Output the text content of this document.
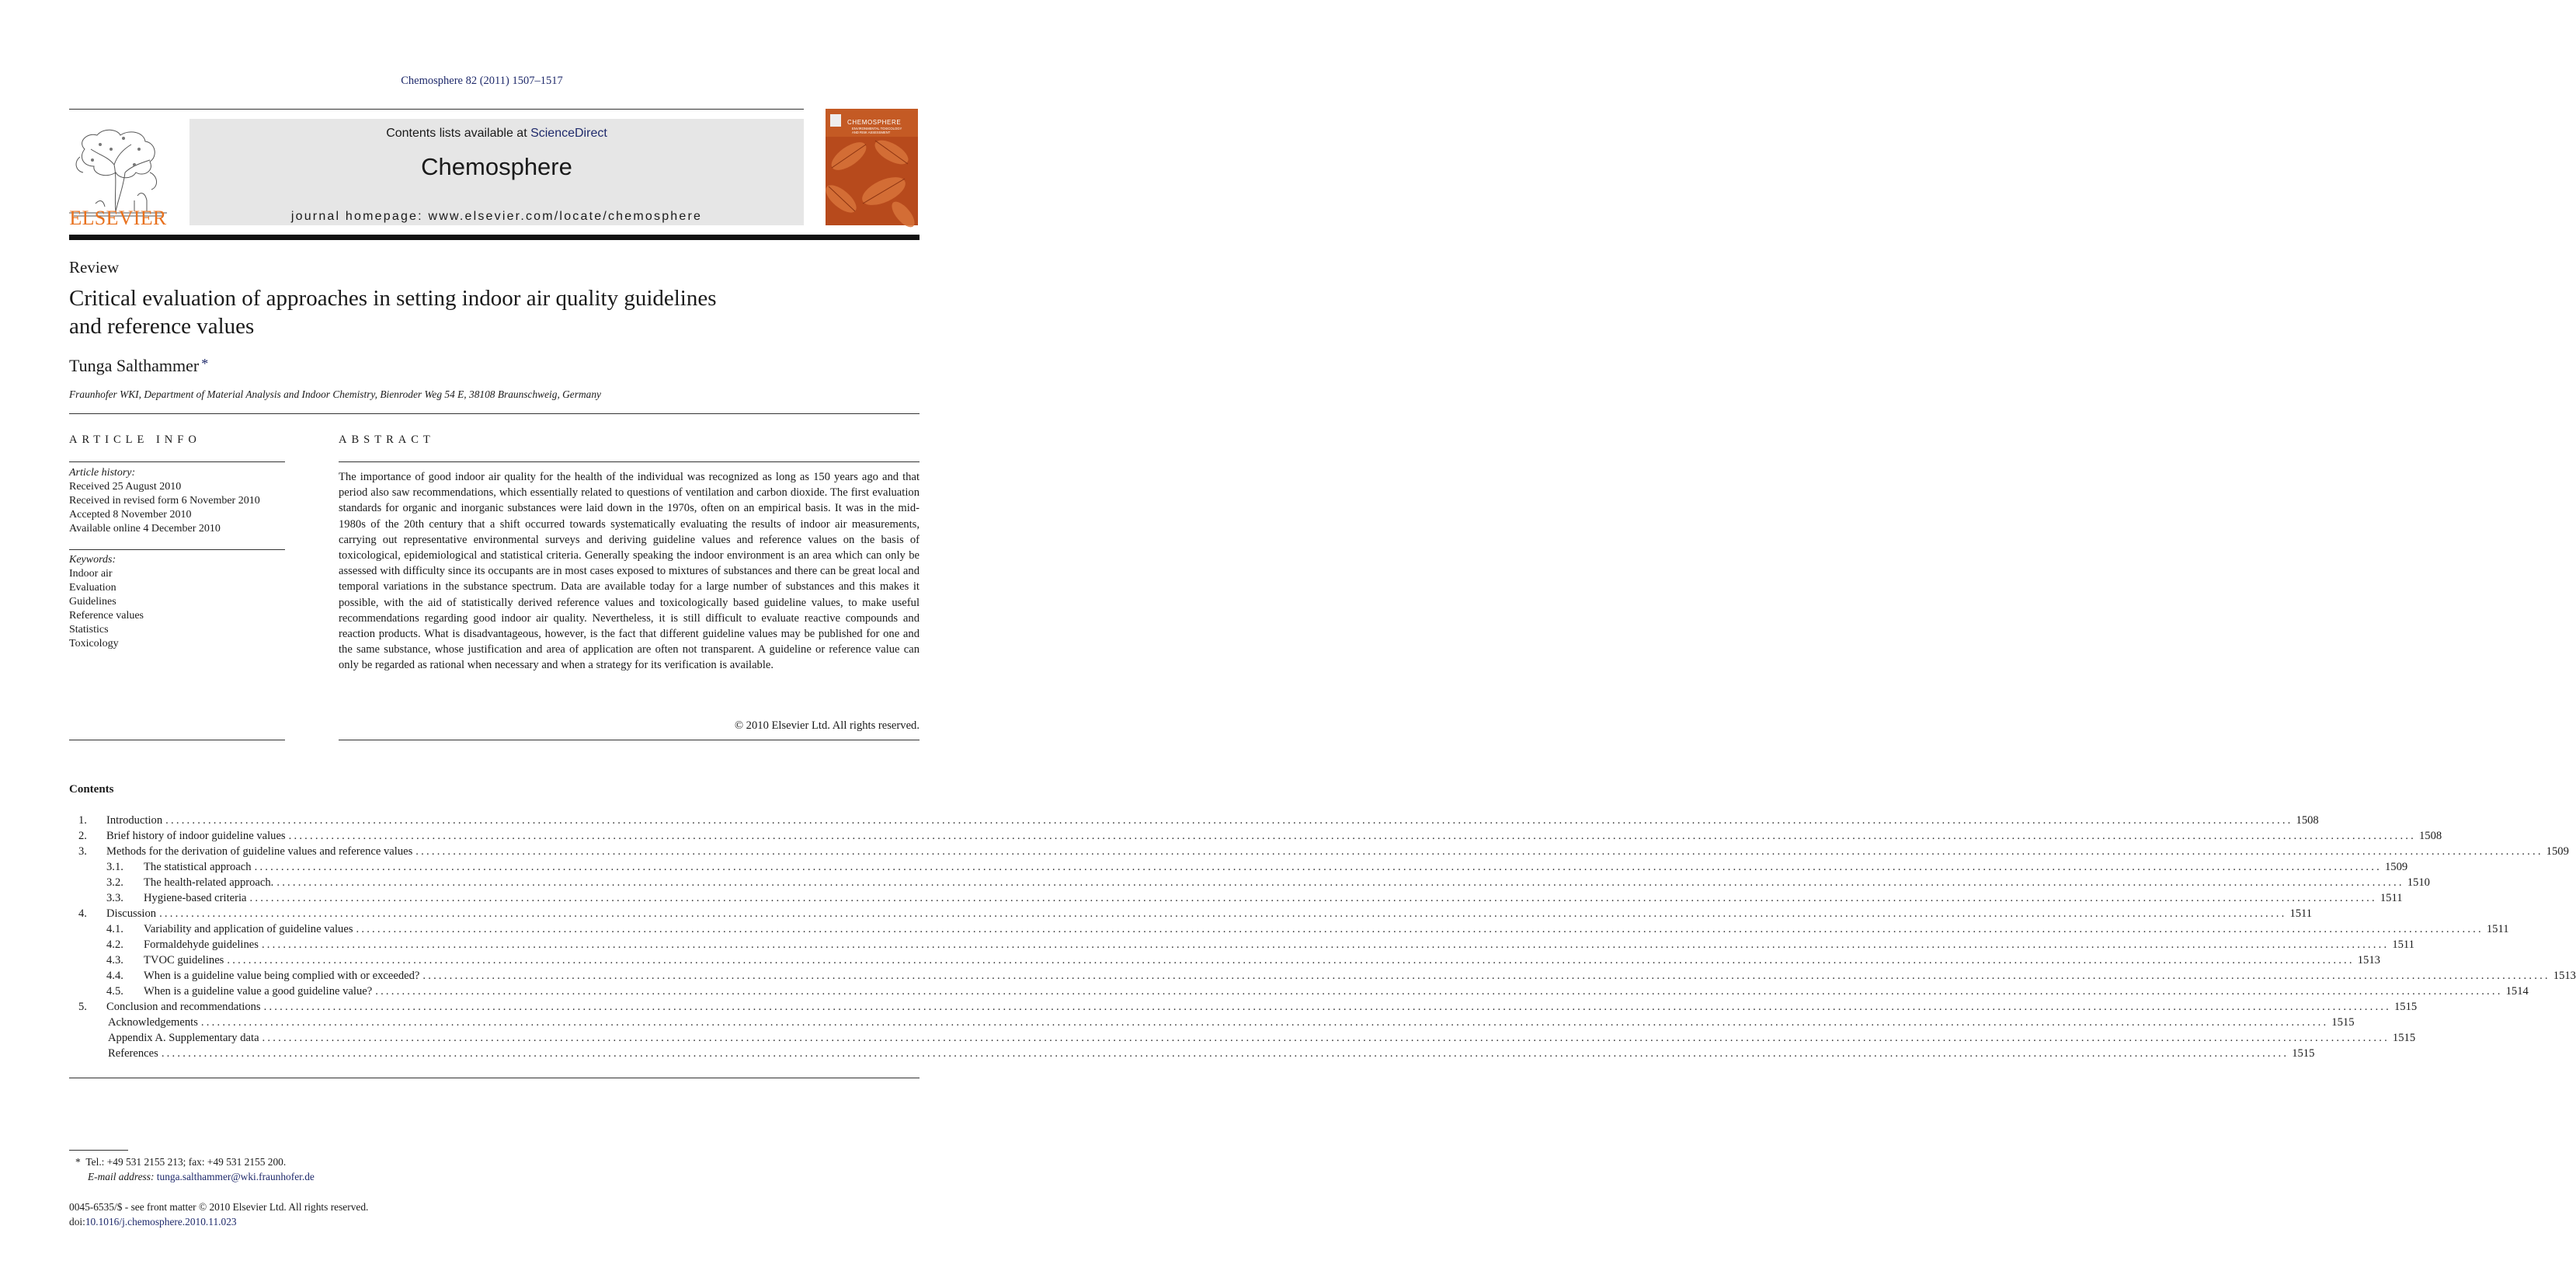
Chemosphere 82 (2011) 1507–1517
ELSEVIER
Contents lists available at ScienceDirect
Chemosphere
journal homepage: www.elsevier.com/locate/chemosphere
CHEMOSPHERE
ENVIRONMENTAL TOXICOLOGY
AND RISK ASSESSMENT
Review
Critical evaluation of approaches in setting indoor air quality guidelines
and reference values
Tunga Salthammer *
Fraunhofer WKI, Department of Material Analysis and Indoor Chemistry, Bienroder Weg 54 E, 38108 Braunschweig, Germany
ARTICLE INFO
Article history:
Received 25 August 2010
Received in revised form 6 November 2010
Accepted 8 November 2010
Available online 4 December 2010
Keywords:
Indoor air
Evaluation
Guidelines
Reference values
Statistics
Toxicology
ABSTRACT
The importance of good indoor air quality for the health of the individual was recognized as long as 150 years ago and that period also saw recommendations, which essentially related to questions of ventilation and carbon dioxide. The first evaluation standards for organic and inorganic substances were laid down in the 1970s, often on an empirical basis. It was in the mid-1980s of the 20th century that a shift occurred towards systematically evaluating the results of indoor air measurements, carrying out representative environmental surveys and deriving guideline values and reference values on the basis of toxicological, epidemiological and statistical criteria. Generally speaking the indoor environment is an area which can only be assessed with difficulty since its occupants are in most cases exposed to mixtures of substances and there can be great local and temporal variations in the substance spectrum. Data are available today for a large number of substances and this makes it possible, with the aid of statistically derived reference values and toxicologically based guideline values, to make useful recommendations regarding good indoor air quality. Nevertheless, it is still difficult to evaluate reactive compounds and reaction products. What is disadvantageous, however, is the fact that different guideline values may be published for one and the same substance, whose justification and area of application are often not transparent. A guideline or reference value can only be regarded as rational when necessary and when a strategy for its verification is available.
© 2010 Elsevier Ltd. All rights reserved.
Contents
1.	Introduction ................................................................................................................................................................................................................................................................................................................................................................................................................ 1508
2.	Brief history of indoor guideline values ................................................................................................................................................................................................................................................................................................................................................................................................................ 1508
3.	Methods for the derivation of guideline values and reference values ................................................................................................................................................................................................................................................................................................................................................................................................................ 1509
3.1.	The statistical approach ................................................................................................................................................................................................................................................................................................................................................................................................................ 1509
3.2.	The health-related approach. ................................................................................................................................................................................................................................................................................................................................................................................................................ 1510
3.3.	Hygiene-based criteria ................................................................................................................................................................................................................................................................................................................................................................................................................ 1511
4.	Discussion ................................................................................................................................................................................................................................................................................................................................................................................................................ 1511
4.1.	Variability and application of guideline values ................................................................................................................................................................................................................................................................................................................................................................................................................ 1511
4.2.	Formaldehyde guidelines ................................................................................................................................................................................................................................................................................................................................................................................................................ 1511
4.3.	TVOC guidelines ................................................................................................................................................................................................................................................................................................................................................................................................................ 1513
4.4.	When is a guideline value being complied with or exceeded? ................................................................................................................................................................................................................................................................................................................................................................................................................ 1513
4.5.	When is a guideline value a good guideline value? ................................................................................................................................................................................................................................................................................................................................................................................................................ 1514
5.	Conclusion and recommendations ................................................................................................................................................................................................................................................................................................................................................................................................................ 1515
Acknowledgements ................................................................................................................................................................................................................................................................................................................................................................................................................ 1515
Appendix A. Supplementary data ................................................................................................................................................................................................................................................................................................................................................................................................................ 1515
References ................................................................................................................................................................................................................................................................................................................................................................................................................ 1515
* Tel.: +49 531 2155 213; fax: +49 531 2155 200.
E-mail address: tunga.salthammer@wki.fraunhofer.de
0045-6535/$ - see front matter © 2010 Elsevier Ltd. All rights reserved.
doi:10.1016/j.chemosphere.2010.11.023
